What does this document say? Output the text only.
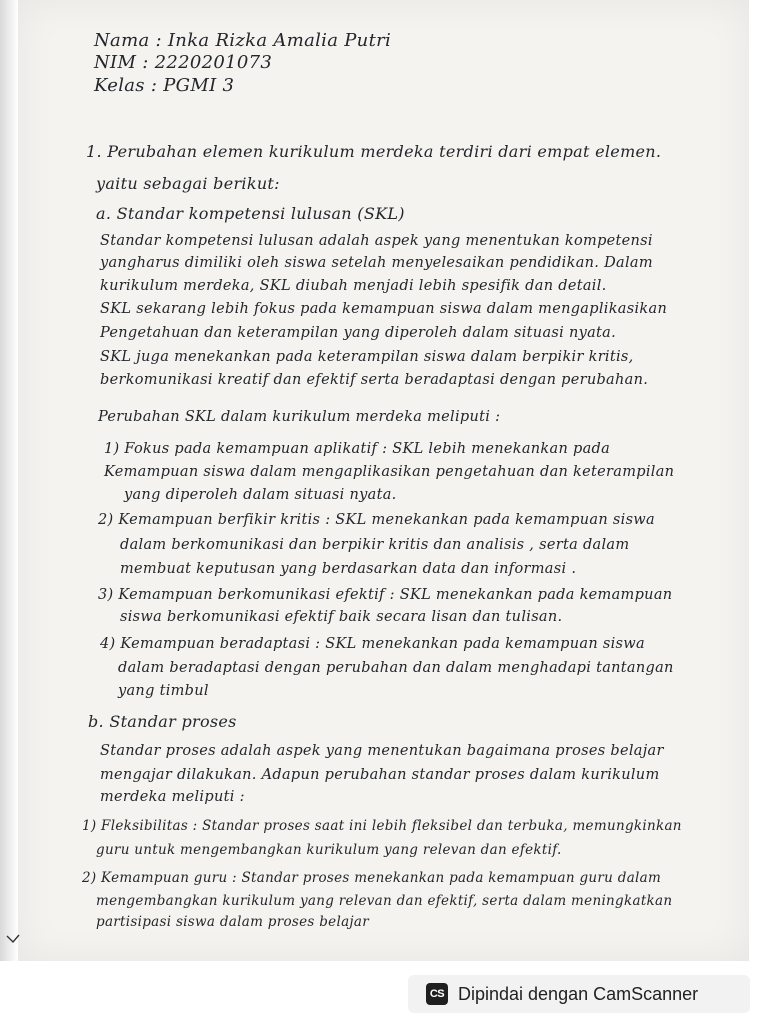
Nama : Inka Rizka Amalia Putri
NIM : 2220201073
Kelas : PGMI 3
1. Perubahan elemen kurikulum merdeka terdiri dari empat elemen.
yaitu sebagai berikut:
a. Standar kompetensi lulusan (SKL)
Standar kompetensi lulusan adalah aspek yang menentukan kompetensi
yangharus dimiliki oleh siswa setelah menyelesaikan pendidikan. Dalam
kurikulum merdeka, SKL diubah menjadi lebih spesifik dan detail.
SKL sekarang lebih fokus pada kemampuan siswa dalam mengaplikasikan
Pengetahuan dan keterampilan yang diperoleh dalam situasi nyata.
SKL juga menekankan pada keterampilan siswa dalam berpikir kritis,
berkomunikasi kreatif dan efektif serta beradaptasi dengan perubahan.
Perubahan SKL dalam kurikulum merdeka meliputi :
1) Fokus pada kemampuan aplikatif : SKL lebih menekankan pada
Kemampuan siswa dalam mengaplikasikan pengetahuan dan keterampilan
yang diperoleh dalam situasi nyata.
2) Kemampuan berfikir kritis : SKL menekankan pada kemampuan siswa
dalam berkomunikasi dan berpikir kritis dan analisis , serta dalam
membuat keputusan yang berdasarkan data dan informasi .
3) Kemampuan berkomunikasi efektif : SKL menekankan pada kemampuan
siswa berkomunikasi efektif baik secara lisan dan tulisan.
4) Kemampuan beradaptasi : SKL menekankan pada kemampuan siswa
dalam beradaptasi dengan perubahan dan dalam menghadapi tantangan
yang timbul
b. Standar proses
Standar proses adalah aspek yang menentukan bagaimana proses belajar
mengajar dilakukan. Adapun perubahan standar proses dalam kurikulum
merdeka meliputi :
1) Fleksibilitas : Standar proses saat ini lebih fleksibel dan terbuka, memungkinkan
guru untuk mengembangkan kurikulum yang relevan dan efektif.
2) Kemampuan guru : Standar proses menekankan pada kemampuan guru dalam
mengembangkan kurikulum yang relevan dan efektif, serta dalam meningkatkan
partisipasi siswa dalam proses belajar
CS Dipindai dengan CamScanner
